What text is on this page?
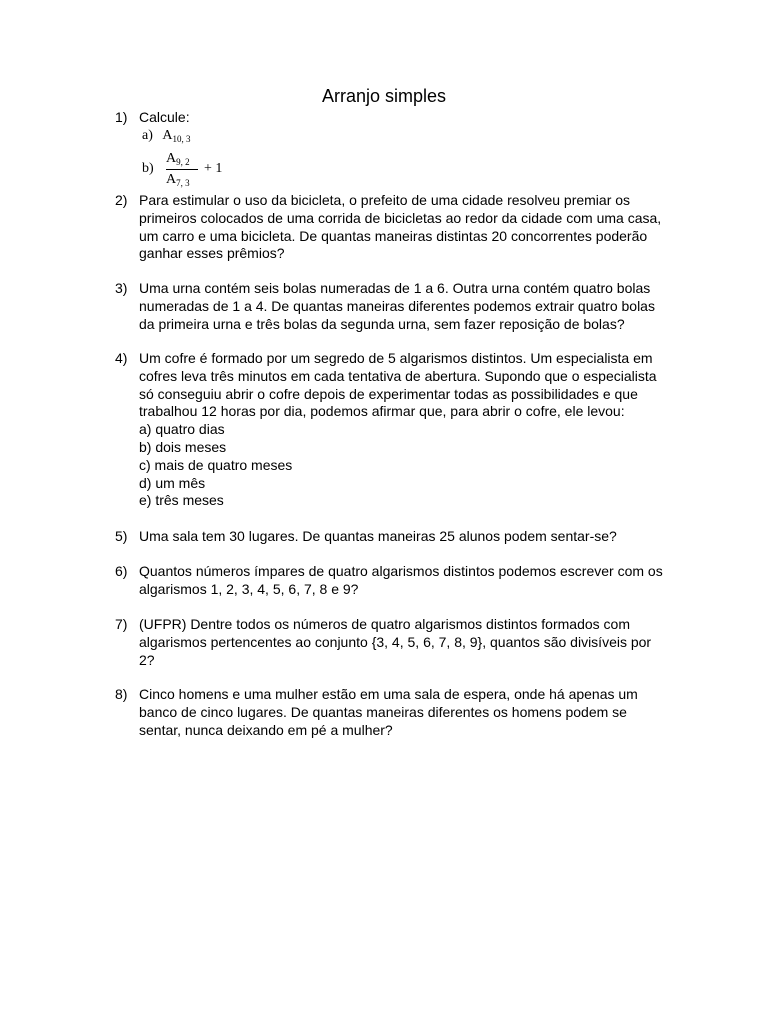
Arranjo simples
1) Calcule:
a) $A_{10, 3}$
b)
$A_{9, 2}$
$A_{7, 3}$
+ 1
2) Para estimular o uso da bicicleta, o prefeito de uma cidade resolveu premiar os
primeiros colocados de uma corrida de bicicletas ao redor da cidade com uma casa,
um carro e uma bicicleta. De quantas maneiras distintas 20 concorrentes poderão
ganhar esses prêmios?
3) Uma urna contém seis bolas numeradas de 1 a 6. Outra urna contém quatro bolas
numeradas de 1 a 4. De quantas maneiras diferentes podemos extrair quatro bolas
da primeira urna e três bolas da segunda urna, sem fazer reposição de bolas?
4) Um cofre é formado por um segredo de 5 algarismos distintos. Um especialista em
cofres leva três minutos em cada tentativa de abertura. Supondo que o especialista
só conseguiu abrir o cofre depois de experimentar todas as possibilidades e que
trabalhou 12 horas por dia, podemos afirmar que, para abrir o cofre, ele levou:
a) quatro dias
b) dois meses
c) mais de quatro meses
d) um mês
e) três meses
5) Uma sala tem 30 lugares. De quantas maneiras 25 alunos podem sentar-se?
6) Quantos números ímpares de quatro algarismos distintos podemos escrever com os
algarismos 1, 2, 3, 4, 5, 6, 7, 8 e 9?
7) (UFPR) Dentre todos os números de quatro algarismos distintos formados com
algarismos pertencentes ao conjunto {3, 4, 5, 6, 7, 8, 9}, quantos são divisíveis por
2?
8) Cinco homens e uma mulher estão em uma sala de espera, onde há apenas um
banco de cinco lugares. De quantas maneiras diferentes os homens podem se
sentar, nunca deixando em pé a mulher?
